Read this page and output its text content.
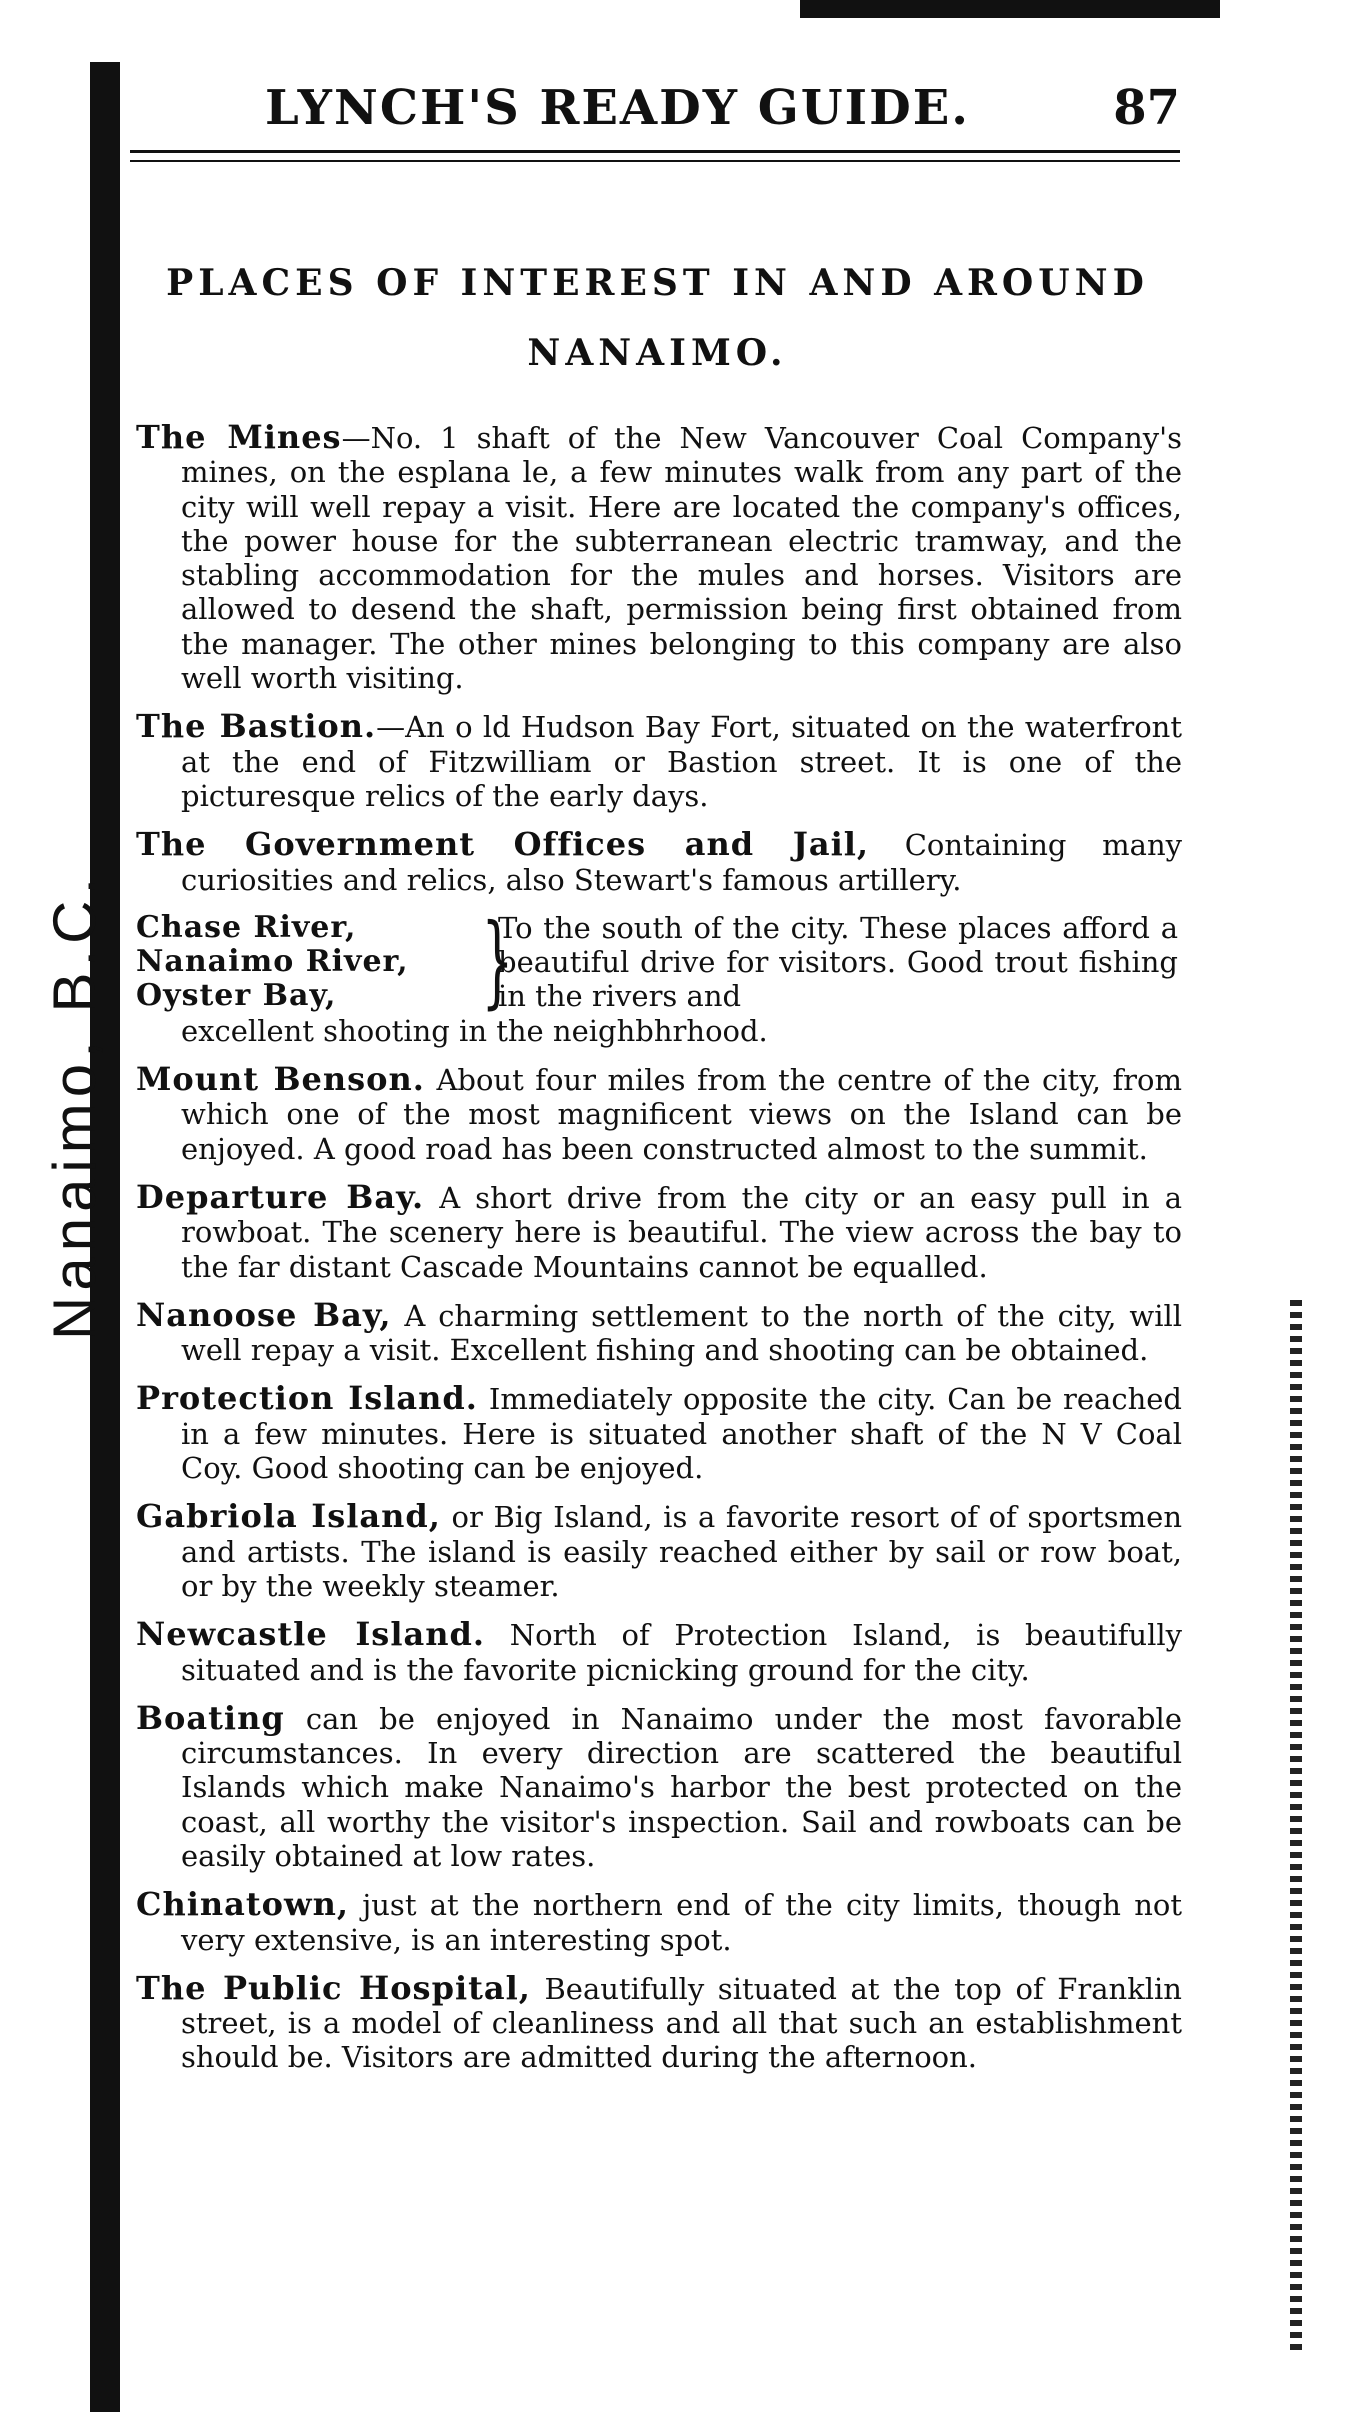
Nanaimo, B.C.
LYNCH'S READY GUIDE.	87
PLACES OF INTEREST IN AND AROUND
NANAIMO.
The Mines—No. 1 shaft of the New Vancouver Coal Company's mines, on the esplana le, a few minutes walk from any part of the city will well repay a visit. Here are located the company's offices, the power house for the subterranean electric tramway, and the stabling accommodation for the mules and horses. Visitors are allowed to desend the shaft, permission being first obtained from the manager. The other mines belonging to this company are also well worth visiting.
The Bastion.—An o ld Hudson Bay Fort, situated on the waterfront at the end of Fitzwilliam or Bastion street. It is one of the picturesque relics of the early days.
The Government Offices and Jail, Containing many curiosities and relics, also Stewart's famous artillery.
Chase River,
Nanaimo River,
Oyster Bay,	}To the south of the city. These places afford a beautiful drive for visitors. Good trout fishing in the rivers and
excellent shooting in the neighbhrhood.
Mount Benson. About four miles from the centre of the city, from which one of the most magnificent views on the Island can be enjoyed. A good road has been constructed almost to the summit.
Departure Bay. A short drive from the city or an easy pull in a rowboat. The scenery here is beautiful. The view across the bay to the far distant Cascade Mountains cannot be equalled.
Nanoose Bay, A charming settlement to the north of the city, will well repay a visit. Excellent fishing and shooting can be obtained.
Protection Island. Immediately opposite the city. Can be reached in a few minutes. Here is situated another shaft of the N V Coal Coy. Good shooting can be enjoyed.
Gabriola Island, or Big Island, is a favorite resort of of sportsmen and artists. The island is easily reached either by sail or row boat, or by the weekly steamer.
Newcastle Island. North of Protection Island, is beautifully situated and is the favorite picnicking ground for the city.
Boating can be enjoyed in Nanaimo under the most favorable circumstances. In every direction are scattered the beautiful Islands which make Nanaimo's harbor the best protected on the coast, all worthy the visitor's inspection. Sail and rowboats can be easily obtained at low rates.
Chinatown, just at the northern end of the city limits, though not very extensive, is an interesting spot.
The Public Hospital, Beautifully situated at the top of Franklin street, is a model of cleanliness and all that such an establishment should be. Visitors are admitted during the afternoon.
